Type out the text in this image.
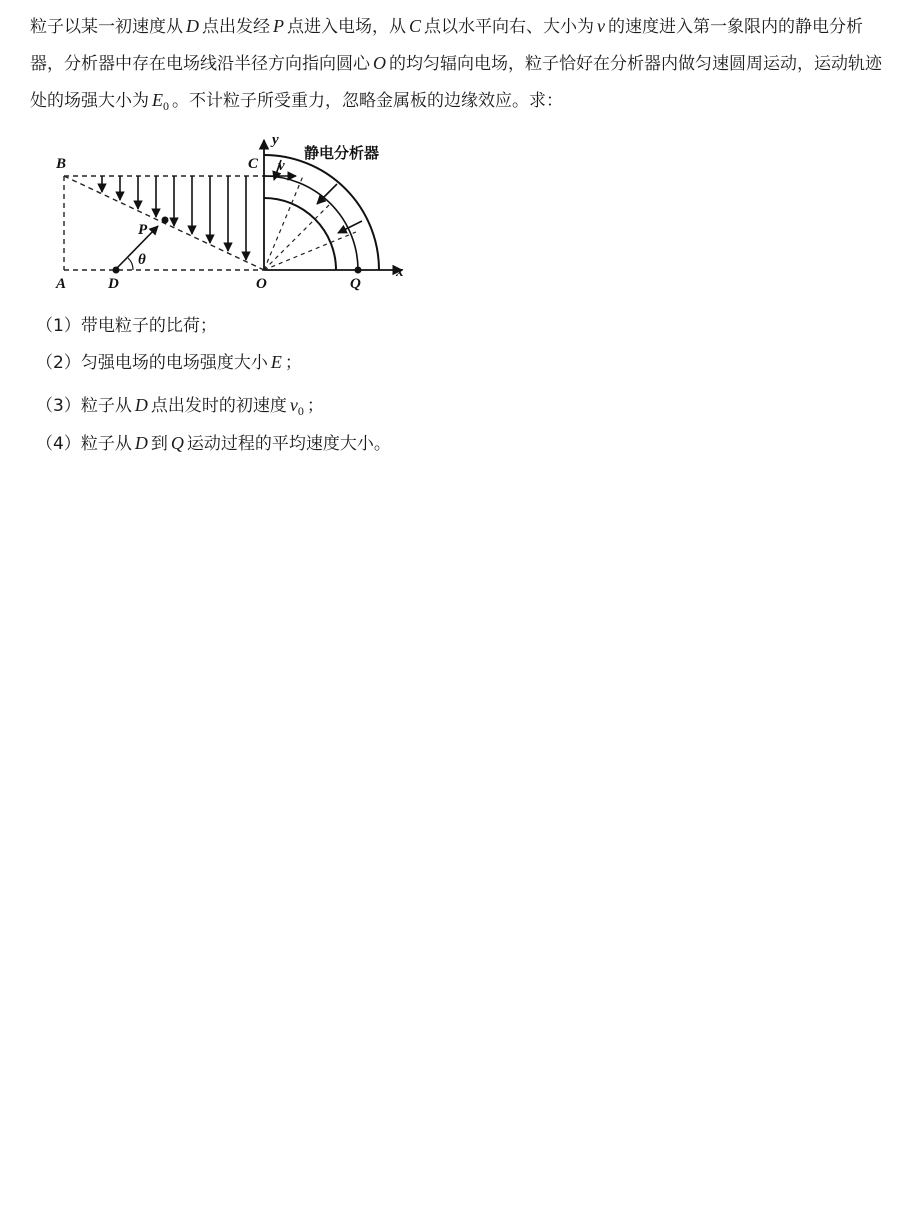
粒子以某一初速度从 D 点出发经 P 点进入电场，从 C 点以水平向右、大小为 v 的速度进入第一象限内的静电分析器，分析器中存在电场线沿半径方向指向圆心 O 的均匀辐向电场，粒子恰好在分析器内做匀速圆周运动，运动轨迹处的场强大小为 $E_0$ 。不计粒子所受重力，忽略金属板的边缘效应。求：
B	C
y
v
P
θ
A	D	O	Q
x
静电分析器
（1）带电粒子的比荷；
（2）匀强电场的电场强度大小 E ；
（3）粒子从 D 点出发时的初速度 $v_0$ ；
（4）粒子从 D 到 Q 运动过程的平均速度大小。
